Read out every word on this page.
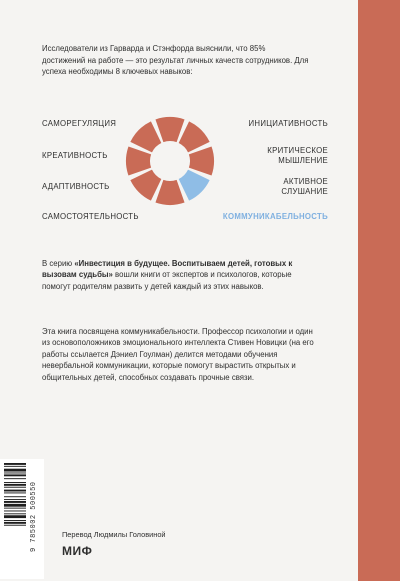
Исследователи из Гарварда и Стэнфорда выяснили, что 85% достижений на работе — это результат личных качеств сотрудников. Для успеха необходимы 8 ключевых навыков:
САМОРЕГУЛЯЦИЯ
КРЕАТИВНОСТЬ
АДАПТИВНОСТЬ
САМОСТОЯТЕЛЬНОСТЬ
ИНИЦИАТИВНОСТЬ
КРИТИЧЕСКОЕ
МЫШЛЕНИЕ
АКТИВНОЕ
СЛУШАНИЕ
КОММУНИКАБЕЛЬНОСТЬ
В серию «Инвестиция в будущее. Воспитываем детей, готовых к вызовам судьбы» вошли книги от экспертов и психологов, которые помогут родителям развить у детей каждый из этих навыков.
Эта книга посвящена коммуникабельности. Профессор психологии и один из основоположников эмоционального интеллекта Стивен Новицки (на его работы ссылается Дэниел Гоулман) делится методами обучения невербальной коммуникации, которые помогут вырастить открытых и общительных детей, способных создавать прочные связи.
9 785002 500550	Перевод Людмилы Головиной
МИФ
